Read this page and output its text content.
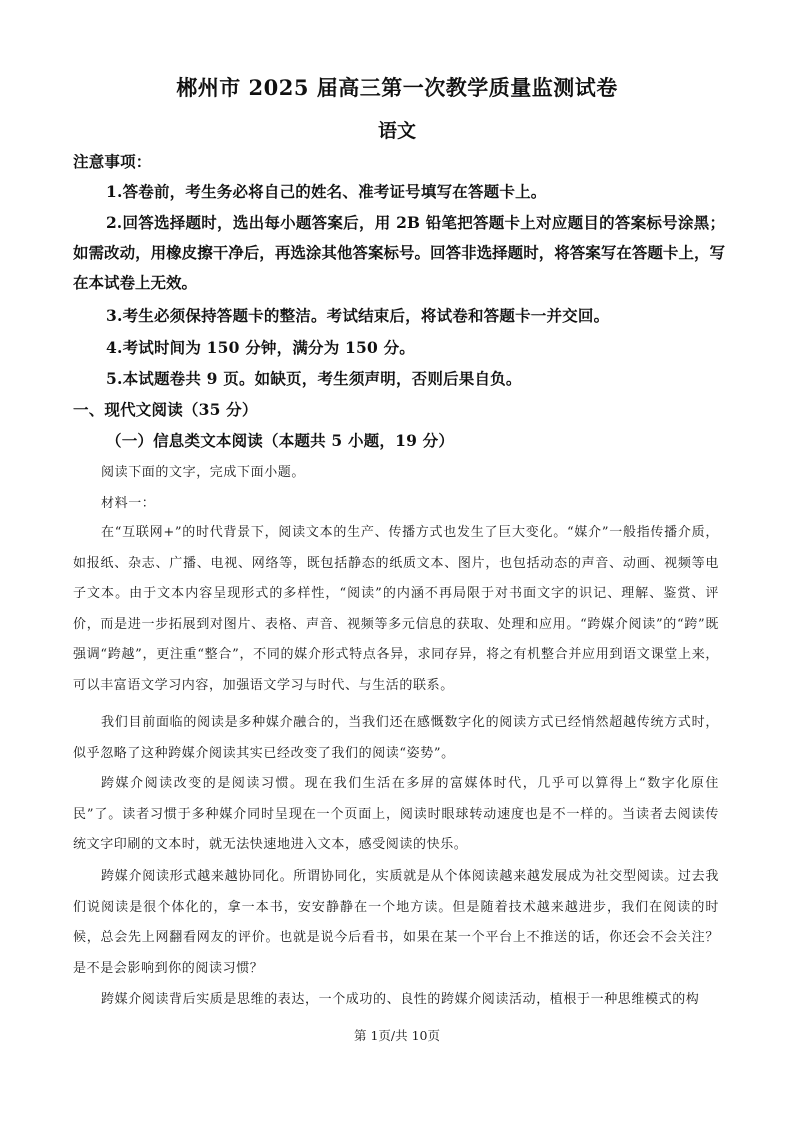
郴州市 2025 届高三第一次教学质量监测试卷
语文
注意事项：
1.答卷前，考生务必将自己的姓名、准考证号填写在答题卡上。
2.回答选择题时，选出每小题答案后，用 2B 铅笔把答题卡上对应题目的答案标号涂黑；如需改动，用橡皮擦干净后，再选涂其他答案标号。回答非选择题时，将答案写在答题卡上，写在本试卷上无效。
3.考生必须保持答题卡的整洁。考试结束后，将试卷和答题卡一并交回。
4.考试时间为 150 分钟，满分为 150 分。
5.本试题卷共 9 页。如缺页，考生须声明，否则后果自负。
一、现代文阅读（35 分）
（一）信息类文本阅读（本题共 5 小题，19 分）
阅读下面的文字，完成下面小题。
材料一：
在“互联网+”的时代背景下，阅读文本的生产、传播方式也发生了巨大变化。“媒介”一般指传播介质，如报纸、杂志、广播、电视、网络等，既包括静态的纸质文本、图片，也包括动态的声音、动画、视频等电子文本。由于文本内容呈现形式的多样性，“阅读”的内涵不再局限于对书面文字的识记、理解、鉴赏、评价，而是进一步拓展到对图片、表格、声音、视频等多元信息的获取、处理和应用。“跨媒介阅读”的“跨”既强调“跨越”，更注重“整合”，不同的媒介形式特点各异，求同存异，将之有机整合并应用到语文课堂上来，可以丰富语文学习内容，加强语文学习与时代、与生活的联系。
我们目前面临的阅读是多种媒介融合的，当我们还在感慨数字化的阅读方式已经悄然超越传统方式时，似乎忽略了这种跨媒介阅读其实已经改变了我们的阅读“姿势”。
跨媒介阅读改变的是阅读习惯。现在我们生活在多屏的富媒体时代，几乎可以算得上“数字化原住民”了。读者习惯于多种媒介同时呈现在一个页面上，阅读时眼球转动速度也是不一样的。当读者去阅读传统文字印刷的文本时，就无法快速地进入文本，感受阅读的快乐。
跨媒介阅读形式越来越协同化。所谓协同化，实质就是从个体阅读越来越发展成为社交型阅读。过去我们说阅读是很个体化的，拿一本书，安安静静在一个地方读。但是随着技术越来越进步，我们在阅读的时候，总会先上网翻看网友的评价。也就是说今后看书，如果在某一个平台上不推送的话，你还会不会关注？是不是会影响到你的阅读习惯？
跨媒介阅读背后实质是思维的表达，一个成功的、良性的跨媒介阅读活动，植根于一种思维模式的构
第 1页/共 10页
